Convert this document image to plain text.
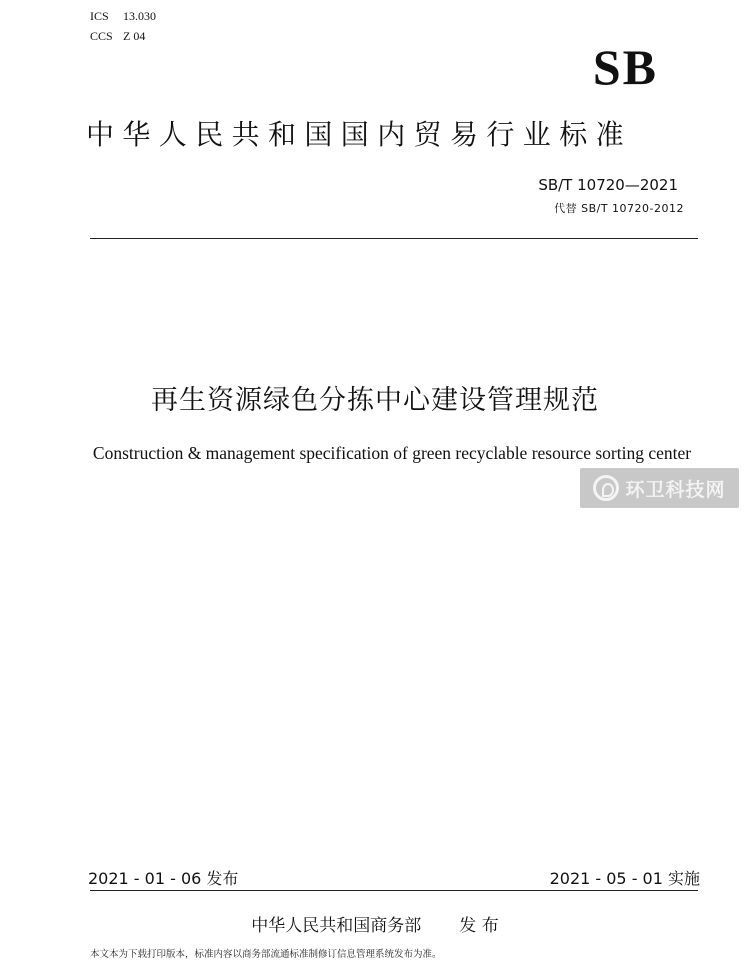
ICS 13.030
CCS Z 04
SB
中华人民共和国国内贸易行业标准
SB/T 10720—2021
代替 SB/T 10720-2012
再生资源绿色分拣中心建设管理规范
Construction & management specification of green recyclable resource sorting center
环卫科技网
2021 - 01 - 06 发布	2021 - 05 - 01 实施
中华人民共和国商务部 发 布
本文本为下载打印版本，标准内容以商务部流通标准制修订信息管理系统发布为准。
